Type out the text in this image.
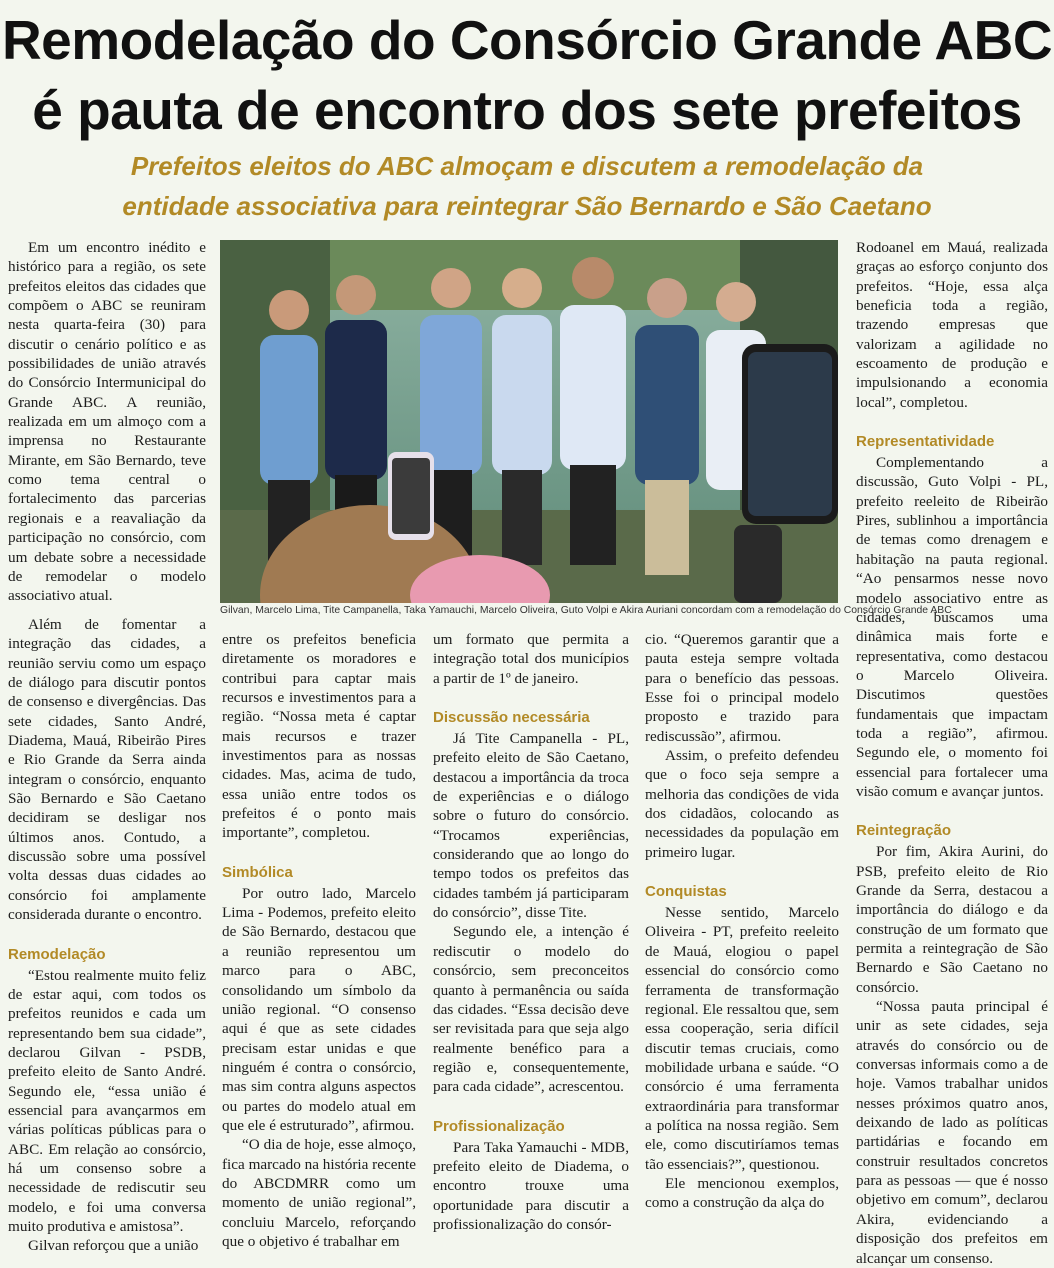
Remodelação do Consórcio Grande ABC
é pauta de encontro dos sete prefeitos
Prefeitos eleitos do ABC almoçam e discutem a remodelação da
entidade associativa para reintegrar São Bernardo e São Caetano

Em um encontro inédito e histórico para a região, os sete prefeitos eleitos das cidades que compõem o ABC se reuniram nesta quarta-feira (30) para discutir o cenário político e as possibilidades de união através do Consórcio Intermunicipal do Grande ABC. A reunião, realizada em um almoço com a imprensa no Restaurante Mirante, em São Bernardo, teve como tema central o fortalecimento das parcerias regionais e a reavaliação da participação no consórcio, com um debate sobre a necessidade de remodelar o modelo associativo atual.

Além de fomentar a integração das cidades, a reunião serviu como um espaço de diálogo para discutir pontos de consenso e divergências. Das sete cidades, Santo André, Diadema, Mauá, Ribeirão Pires e Rio Grande da Serra ainda integram o consórcio, enquanto São Bernardo e São Caetano decidiram se desligar nos últimos anos. Contudo, a discussão sobre uma possível volta dessas duas cidades ao consórcio foi amplamente considerada durante o encontro.

Remodelação

“Estou realmente muito feliz de estar aqui, com todos os prefeitos reunidos e cada um representando bem sua cidade”, declarou Gilvan - PSDB, prefeito eleito de Santo André. Segundo ele, “essa união é essencial para avançarmos em várias políticas públicas para o ABC. Em relação ao consórcio, há um consenso sobre a necessidade de rediscutir seu modelo, e foi uma conversa muito produtiva e amistosa”.

Gilvan reforçou que a união

Gilvan, Marcelo Lima, Tite Campanella, Taka Yamauchi, Marcelo Oliveira, Guto Volpi e Akira Auriani concordam com a remodelação do Consórcio Grande ABC

entre os prefeitos beneficia diretamente os moradores e contribui para captar mais recursos e investimentos para a região. “Nossa meta é captar mais recursos e trazer investimentos para as nossas cidades. Mas, acima de tudo, essa união entre todos os prefeitos é o ponto mais importante”, completou.

Simbólica

Por outro lado, Marcelo Lima - Podemos, prefeito eleito de São Bernardo, destacou que a reunião representou um marco para o ABC, consolidando um símbolo da união regional. “O consenso aqui é que as sete cidades precisam estar unidas e que ninguém é contra o consórcio, mas sim contra alguns aspectos ou partes do modelo atual em que ele é estruturado”, afirmou.

“O dia de hoje, esse almoço, fica marcado na história recente do ABCDMRR como um momento de união regional”, concluiu Marcelo, reforçando que o objetivo é trabalhar em

um formato que permita a integração total dos municípios a partir de 1º de janeiro.

Discussão necessária

Já Tite Campanella - PL, prefeito eleito de São Caetano, destacou a importância da troca de experiências e o diálogo sobre o futuro do consórcio. “Trocamos experiências, considerando que ao longo do tempo todos os prefeitos das cidades também já participaram do consórcio”, disse Tite.

Segundo ele, a intenção é rediscutir o modelo do consórcio, sem preconceitos quanto à permanência ou saída das cidades. “Essa decisão deve ser revisitada para que seja algo realmente benéfico para a região e, consequentemente, para cada cidade”, acrescentou.

Profissionalização

Para Taka Yamauchi - MDB, prefeito eleito de Diadema, o encontro trouxe uma oportunidade para discutir a profissionalização do consór-

cio. “Queremos garantir que a pauta esteja sempre voltada para o benefício das pessoas. Esse foi o principal modelo proposto e trazido para rediscussão”, afirmou.

Assim, o prefeito defendeu que o foco seja sempre a melhoria das condições de vida dos cidadãos, colocando as necessidades da população em primeiro lugar.

Conquistas

Nesse sentido, Marcelo Oliveira - PT, prefeito reeleito de Mauá, elogiou o papel essencial do consórcio como ferramenta de transformação regional. Ele ressaltou que, sem essa cooperação, seria difícil discutir temas cruciais, como mobilidade urbana e saúde. “O consórcio é uma ferramenta extraordinária para transformar a política na nossa região. Sem ele, como discutiríamos temas tão essenciais?”, questionou.

Ele mencionou exemplos, como a construção da alça do

Rodoanel em Mauá, realizada graças ao esforço conjunto dos prefeitos. “Hoje, essa alça beneficia toda a região, trazendo empresas que valorizam a agilidade no escoamento de produção e impulsionando a economia local”, completou.

Representatividade

Complementando a discussão, Guto Volpi - PL, prefeito reeleito de Ribeirão Pires, sublinhou a importância de temas como drenagem e habitação na pauta regional. “Ao pensarmos nesse novo modelo associativo entre as cidades, buscamos uma dinâmica mais forte e representativa, como destacou o Marcelo Oliveira. Discutimos questões fundamentais que impactam toda a região”, afirmou. Segundo ele, o momento foi essencial para fortalecer uma visão comum e avançar juntos.

Reintegração

Por fim, Akira Aurini, do PSB, prefeito eleito de Rio Grande da Serra, destacou a importância do diálogo e da construção de um formato que permita a reintegração de São Bernardo e São Caetano no consórcio.

“Nossa pauta principal é unir as sete cidades, seja através do consórcio ou de conversas informais como a de hoje. Vamos trabalhar unidos nesses próximos quatro anos, deixando de lado as políticas partidárias e focando em construir resultados concretos para as pessoas — que é nosso objetivo em comum”, declarou Akira, evidenciando a disposição dos prefeitos em alcançar um consenso.
